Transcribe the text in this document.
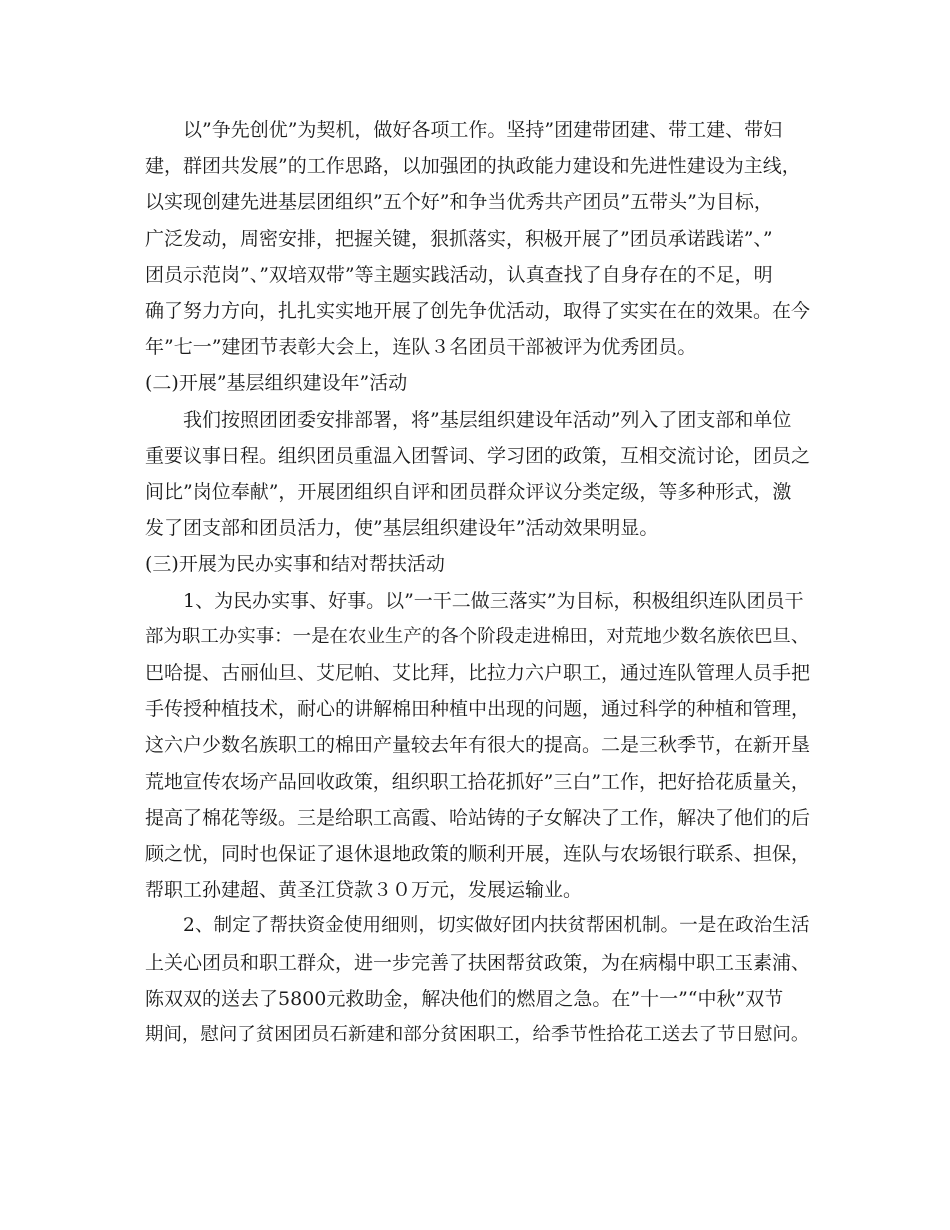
以”争先创优”为契机，做好各项工作。坚持”团建带团建、带工建、带妇
建，群团共发展”的工作思路，以加强团的执政能力建设和先进性建设为主线，
以实现创建先进基层团组织”五个好”和争当优秀共产团员”五带头”为目标，
广泛发动，周密安排，把握关键，狠抓落实，积极开展了”团员承诺践诺”、”
团员示范岗”、”双培双带”等主题实践活动，认真查找了自身存在的不足，明
确了努力方向，扎扎实实地开展了创先争优活动，取得了实实在在的效果。在今
年”七一”建团节表彰大会上，连队３名团员干部被评为优秀团员。

(二)开展”基层组织建设年”活动

我们按照团团委安排部署，将”基层组织建设年活动”列入了团支部和单位
重要议事日程。组织团员重温入团誓词、学习团的政策，互相交流讨论，团员之
间比”岗位奉献”，开展团组织自评和团员群众评议分类定级，等多种形式，激
发了团支部和团员活力，使”基层组织建设年”活动效果明显。

(三)开展为民办实事和结对帮扶活动

1、为民办实事、好事。以”一干二做三落实”为目标，积极组织连队团员干
部为职工办实事：一是在农业生产的各个阶段走进棉田，对荒地少数名族依巴旦、
巴哈提、古丽仙旦、艾尼帕、艾比拜，比拉力六户职工，通过连队管理人员手把
手传授种植技术，耐心的讲解棉田种植中出现的问题，通过科学的种植和管理，
这六户少数名族职工的棉田产量较去年有很大的提高。二是三秋季节，在新开垦
荒地宣传农场产品回收政策，组织职工拾花抓好”三白”工作，把好拾花质量关，
提高了棉花等级。三是给职工高霞、哈站铸的子女解决了工作，解决了他们的后
顾之忧，同时也保证了退休退地政策的顺利开展，连队与农场银行联系、担保，
帮职工孙建超、黄圣江贷款３０万元，发展运输业。

2、制定了帮扶资金使用细则，切实做好团内扶贫帮困机制。一是在政治生活
上关心团员和职工群众，进一步完善了扶困帮贫政策，为在病榻中职工玉素浦、
陈双双的送去了5800元救助金，解决他们的燃眉之急。在”十一”“中秋”双节
期间，慰问了贫困团员石新建和部分贫困职工，给季节性拾花工送去了节日慰问。
